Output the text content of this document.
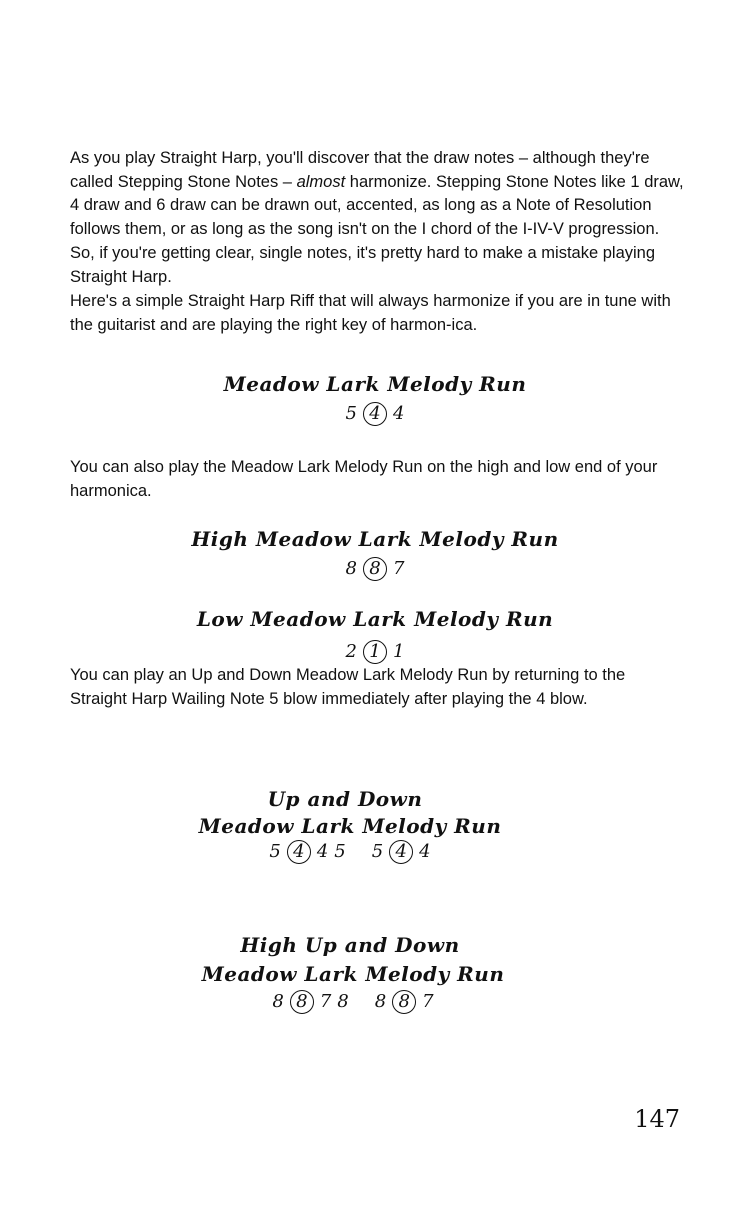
As you play Straight Harp, you'll discover that the draw notes – although they're called Stepping Stone Notes – almost harmonize. Stepping Stone Notes like 1 draw, 4 draw and 6 draw can be drawn out, accented, as long as a Note of Resolution follows them, or as long as the song isn't on the I chord of the I-IV-V progression.

So, if you're getting clear, single notes, it's pretty hard to make a mistake playing Straight Harp.

Here's a simple Straight Harp Riff that will always harmonize if you are in tune with the guitarist and are playing the right key of harmon-ica.

Meadow Lark Melody Run
5 4 4

You can also play the Meadow Lark Melody Run on the high and low end of your harmonica.

High Meadow Lark Melody Run
8 8 7
Low Meadow Lark Melody Run
2 1 1

You can play an Up and Down Meadow Lark Melody Run by returning to the Straight Harp Wailing Note 5 blow immediately after playing the 4 blow.

Up and Down
Meadow Lark Melody Run
5 4 4 5 5 4 4
High Up and Down
Meadow Lark Melody Run
8 8 7 8 8 8 7
147
